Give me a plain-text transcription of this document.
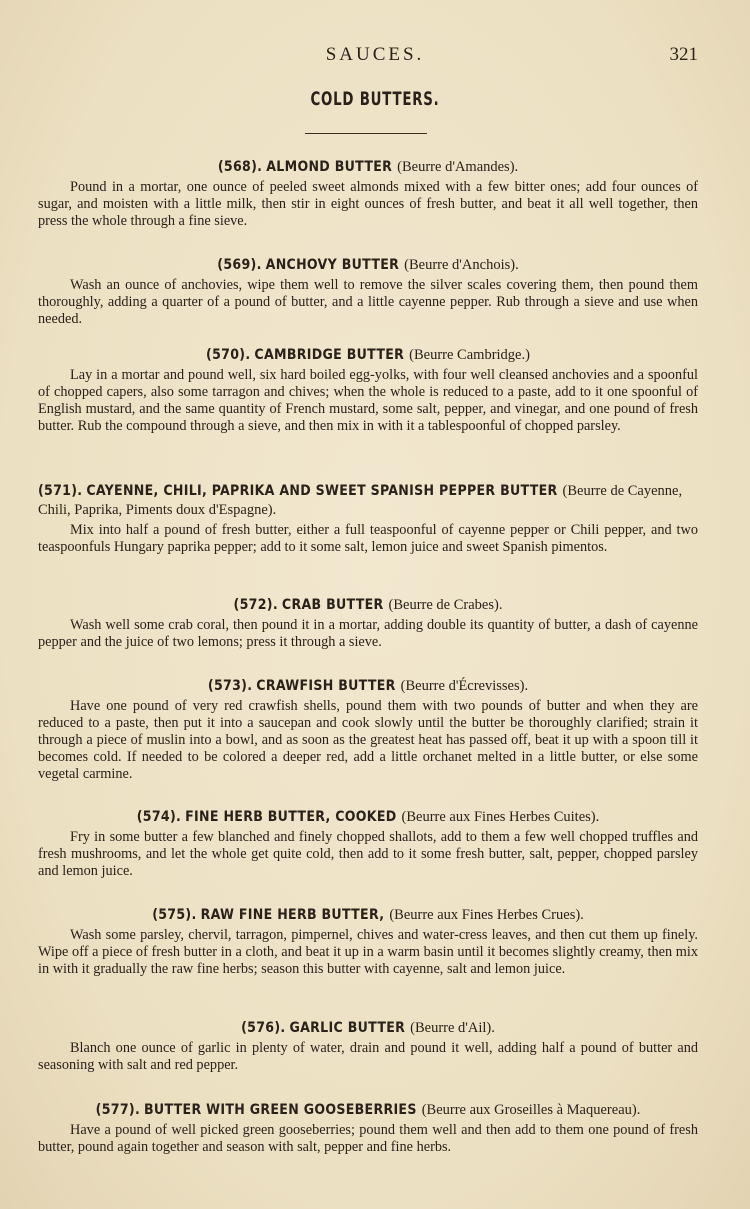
SAUCES.	321
COLD BUTTERS.
(568). ALMOND BUTTER (Beurre d'Amandes).

Pound in a mortar, one ounce of peeled sweet almonds mixed with a few bitter ones; add four ounces of sugar, and moisten with a little milk, then stir in eight ounces of fresh butter, and beat it all well together, then press the whole through a fine sieve.

(569). ANCHOVY BUTTER (Beurre d'Anchois).

Wash an ounce of anchovies, wipe them well to remove the silver scales covering them, then pound them thoroughly, adding a quarter of a pound of butter, and a little cayenne pepper. Rub through a sieve and use when needed.

(570). CAMBRIDGE BUTTER (Beurre Cambridge.)

Lay in a mortar and pound well, six hard boiled egg-yolks, with four well cleansed anchovies and a spoonful of chopped capers, also some tarragon and chives; when the whole is reduced to a paste, add to it one spoonful of English mustard, and the same quantity of French mustard, some salt, pepper, and vinegar, and one pound of fresh butter. Rub the compound through a sieve, and then mix in with it a tablespoonful of chopped parsley.

(571). CAYENNE, CHILI, PAPRIKA AND SWEET SPANISH PEPPER BUTTER (Beurre de Cayenne, Chili, Paprika, Piments doux d'Espagne).

Mix into half a pound of fresh butter, either a full teaspoonful of cayenne pepper or Chili pepper, and two teaspoonfuls Hungary paprika pepper; add to it some salt, lemon juice and sweet Spanish pimentos.

(572). CRAB BUTTER (Beurre de Crabes).

Wash well some crab coral, then pound it in a mortar, adding double its quantity of butter, a dash of cayenne pepper and the juice of two lemons; press it through a sieve.

(573). CRAWFISH BUTTER (Beurre d'Écrevisses).

Have one pound of very red crawfish shells, pound them with two pounds of butter and when they are reduced to a paste, then put it into a saucepan and cook slowly until the butter be thoroughly clarified; strain it through a piece of muslin into a bowl, and as soon as the greatest heat has passed off, beat it up with a spoon till it becomes cold. If needed to be colored a deeper red, add a little orchanet melted in a little butter, or else some vegetal carmine.

(574). FINE HERB BUTTER, COOKED (Beurre aux Fines Herbes Cuites).

Fry in some butter a few blanched and finely chopped shallots, add to them a few well chopped truffles and fresh mushrooms, and let the whole get quite cold, then add to it some fresh butter, salt, pepper, chopped parsley and lemon juice.

(575). RAW FINE HERB BUTTER, (Beurre aux Fines Herbes Crues).

Wash some parsley, chervil, tarragon, pimpernel, chives and water-cress leaves, and then cut them up finely. Wipe off a piece of fresh butter in a cloth, and beat it up in a warm basin until it becomes slightly creamy, then mix in with it gradually the raw fine herbs; season this butter with cayenne, salt and lemon juice.

(576). GARLIC BUTTER (Beurre d'Ail).

Blanch one ounce of garlic in plenty of water, drain and pound it well, adding half a pound of butter and seasoning with salt and red pepper.

(577). BUTTER WITH GREEN GOOSEBERRIES (Beurre aux Groseilles à Maquereau).

Have a pound of well picked green gooseberries; pound them well and then add to them one pound of fresh butter, pound again together and season with salt, pepper and fine herbs.
